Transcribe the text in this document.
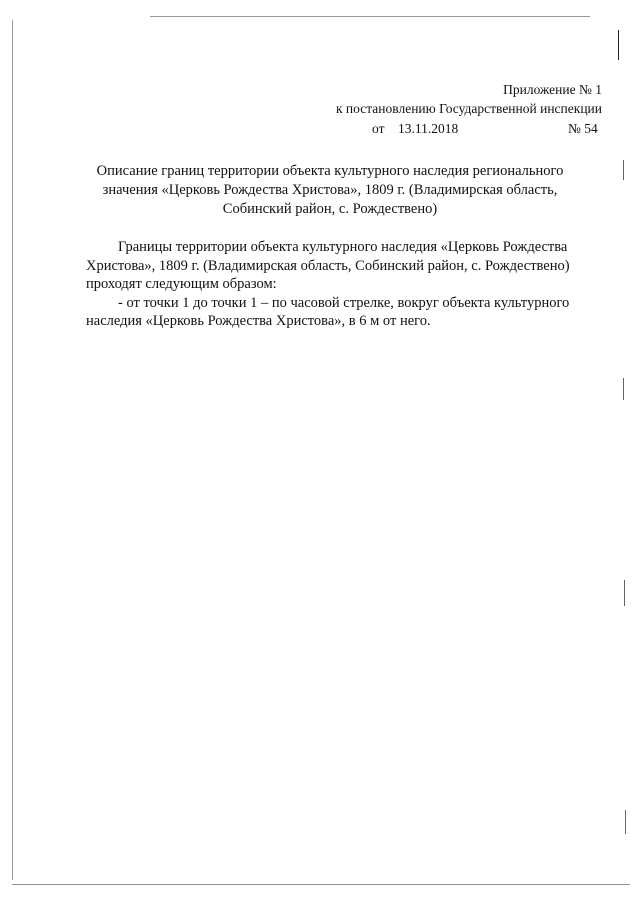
Приложение № 1
к постановлению Государственной инспекции
от 13.11.2018	№ 54
Описание границ территории объекта культурного наследия регионального
значения «Церковь Рождества Христова», 1809 г. (Владимирская область,
Собинский район, с. Рождествено)
Границы территории объекта культурного наследия «Церковь Рождества
Христова», 1809 г. (Владимирская область, Собинский район, с. Рождествено)
проходят следующим образом:
- от точки 1 до точки 1 – по часовой стрелке, вокруг объекта культурного
наследия «Церковь Рождества Христова», в 6 м от него.
